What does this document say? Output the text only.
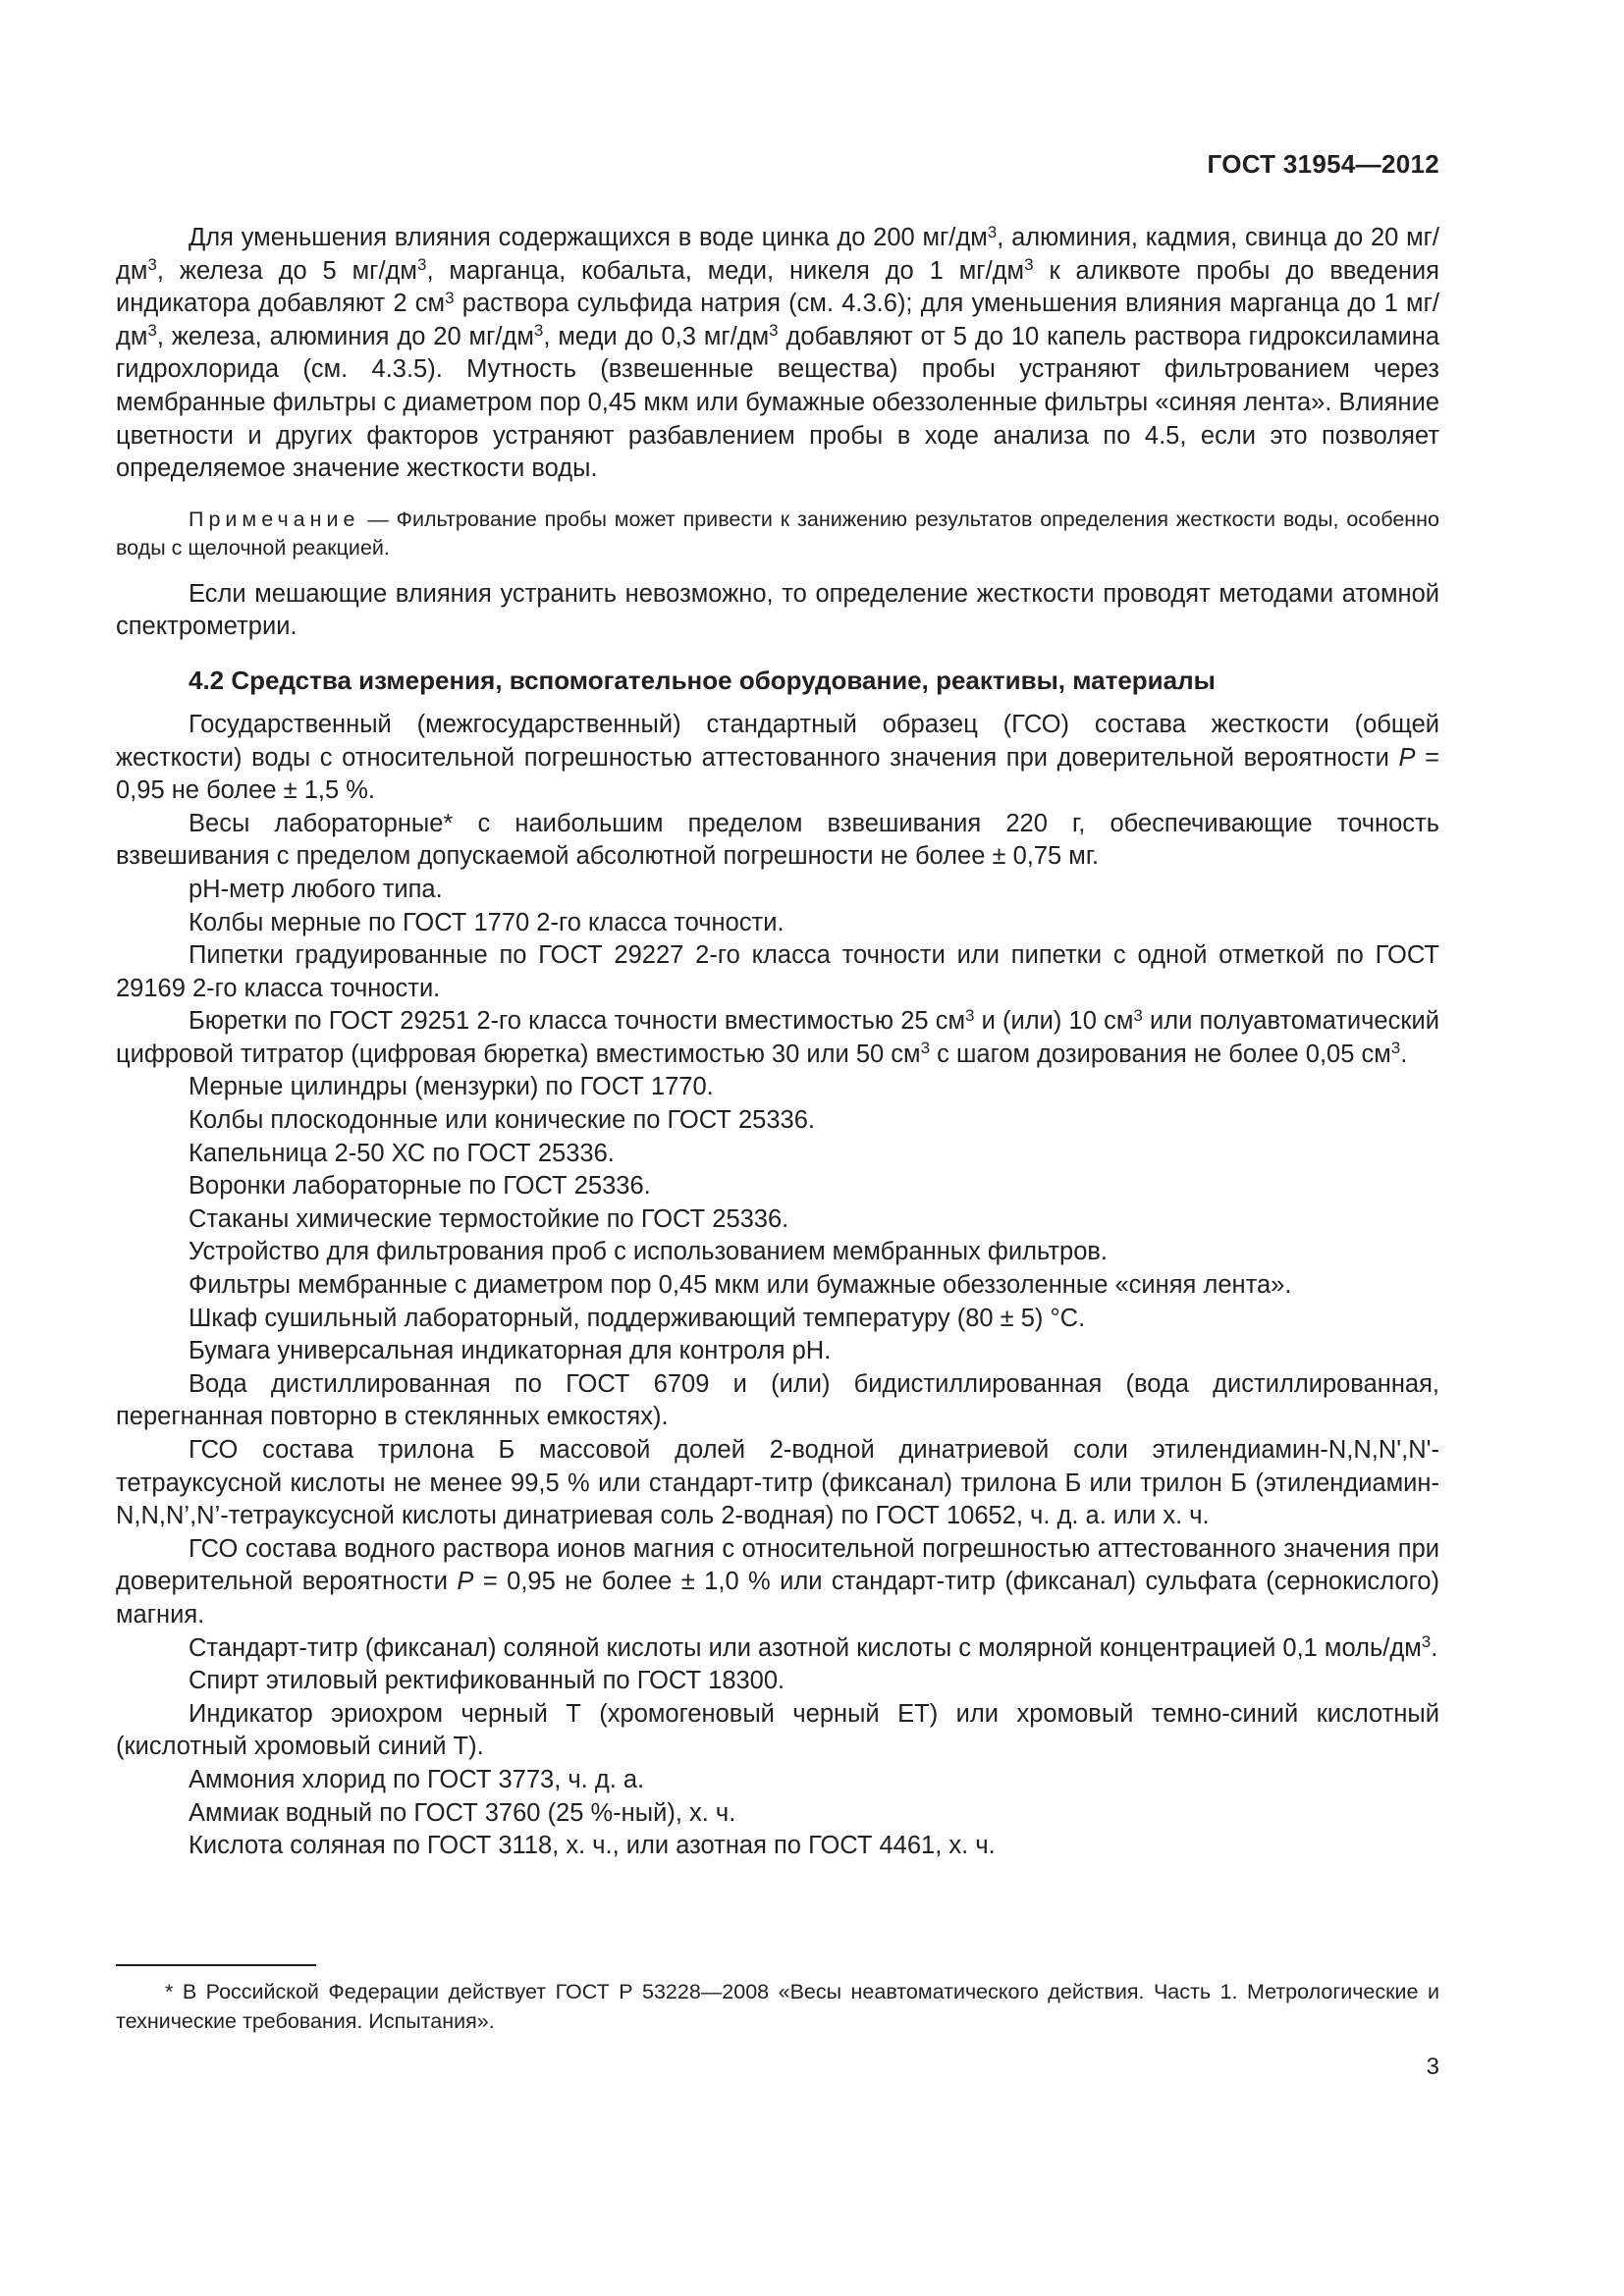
ГОСТ 31954—2012

Для уменьшения влияния содержащихся в воде цинка до 200 $мг/дм^3$, алюминия, кадмия, свинца до 20 $мг/дм^3$, железа до 5 $мг/дм^3$, марганца, кобальта, меди, никеля до 1 $мг/дм^3$ к аликвоте пробы до введения индикатора добавляют 2 $см^3$ раствора сульфида натрия (см. 4.3.6); для уменьшения влияния марганца до 1 $мг/дм^3$, железа, алюминия до 20 $мг/дм^3$, меди до 0,3 $мг/дм^3$ добавляют от 5 до 10 капель раствора гидроксиламина гидрохлорида (см. 4.3.5). Мутность (взвешенные вещества) пробы устраняют фильтрованием через мембранные фильтры с диаметром пор 0,45 мкм или бумажные обеззоленные фильтры «синяя лента». Влияние цветности и других факторов устраняют разбавлением пробы в ходе анализа по 4.5, если это позволяет определяемое значение жесткости воды.

Примечание — Фильтрование пробы может привести к занижению результатов определения жесткости воды, особенно воды с щелочной реакцией.

Если мешающие влияния устранить невозможно, то определение жесткости проводят методами атомной спектрометрии.

4.2 Средства измерения, вспомогательное оборудование, реактивы, материалы

Государственный (межгосударственный) стандартный образец (ГСО) состава жесткости (общей жесткости) воды с относительной погрешностью аттестованного значения при доверительной вероятности P = 0,95 не более ± 1,5 %.

Весы лабораторные* с наибольшим пределом взвешивания 220 г, обеспечивающие точность взвешивания с пределом допускаемой абсолютной погрешности не более ± 0,75 мг.

pH-метр любого типа.

Колбы мерные по ГОСТ 1770 2-го класса точности.

Пипетки градуированные по ГОСТ 29227 2-го класса точности или пипетки с одной отметкой по ГОСТ 29169 2-го класса точности.

Бюретки по ГОСТ 29251 2-го класса точности вместимостью 25 $см^3$ и (или) 10 $см^3$ или полуавтоматический цифровой титратор (цифровая бюретка) вместимостью 30 или 50 $см^3$ с шагом дозирования не более 0,05 $см^3$.

Мерные цилиндры (мензурки) по ГОСТ 1770.

Колбы плоскодонные или конические по ГОСТ 25336.

Капельница 2-50 ХС по ГОСТ 25336.

Воронки лабораторные по ГОСТ 25336.

Стаканы химические термостойкие по ГОСТ 25336.

Устройство для фильтрования проб с использованием мембранных фильтров.

Фильтры мембранные с диаметром пор 0,45 мкм или бумажные обеззоленные «синяя лента».

Шкаф сушильный лабораторный, поддерживающий температуру (80 ± 5) °С.

Бумага универсальная индикаторная для контроля рН.

Вода дистиллированная по ГОСТ 6709 и (или) бидистиллированная (вода дистиллированная, перегнанная повторно в стеклянных емкостях).

ГСО состава трилона Б массовой долей 2-водной динатриевой соли этилендиамин-N,N,N',N'-тетрауксусной кислоты не менее 99,5 % или стандарт-титр (фиксанал) трилона Б или трилон Б (этилендиамин-N,N,N’,N’-тетрауксусной кислоты динатриевая соль 2-водная) по ГОСТ 10652, ч. д. а. или х. ч.

ГСО состава водного раствора ионов магния с относительной погрешностью аттестованного значения при доверительной вероятности P = 0,95 не более ± 1,0 % или стандарт-титр (фиксанал) сульфата (сернокислого) магния.

Стандарт-титр (фиксанал) соляной кислоты или азотной кислоты с молярной концентрацией 0,1 моль/$дм^3$.

Спирт этиловый ректификованный по ГОСТ 18300.

Индикатор эриохром черный Т (хромогеновый черный ЕТ) или хромовый темно-синий кислотный (кислотный хромовый синий Т).

Аммония хлорид по ГОСТ 3773, ч. д. а.

Аммиак водный по ГОСТ 3760 (25 %-ный), х. ч.

Кислота соляная по ГОСТ 3118, х. ч., или азотная по ГОСТ 4461, х. ч.

* В Российской Федерации действует ГОСТ Р 53228—2008 «Весы неавтоматического действия. Часть 1. Метрологические и технические требования. Испытания».

3
